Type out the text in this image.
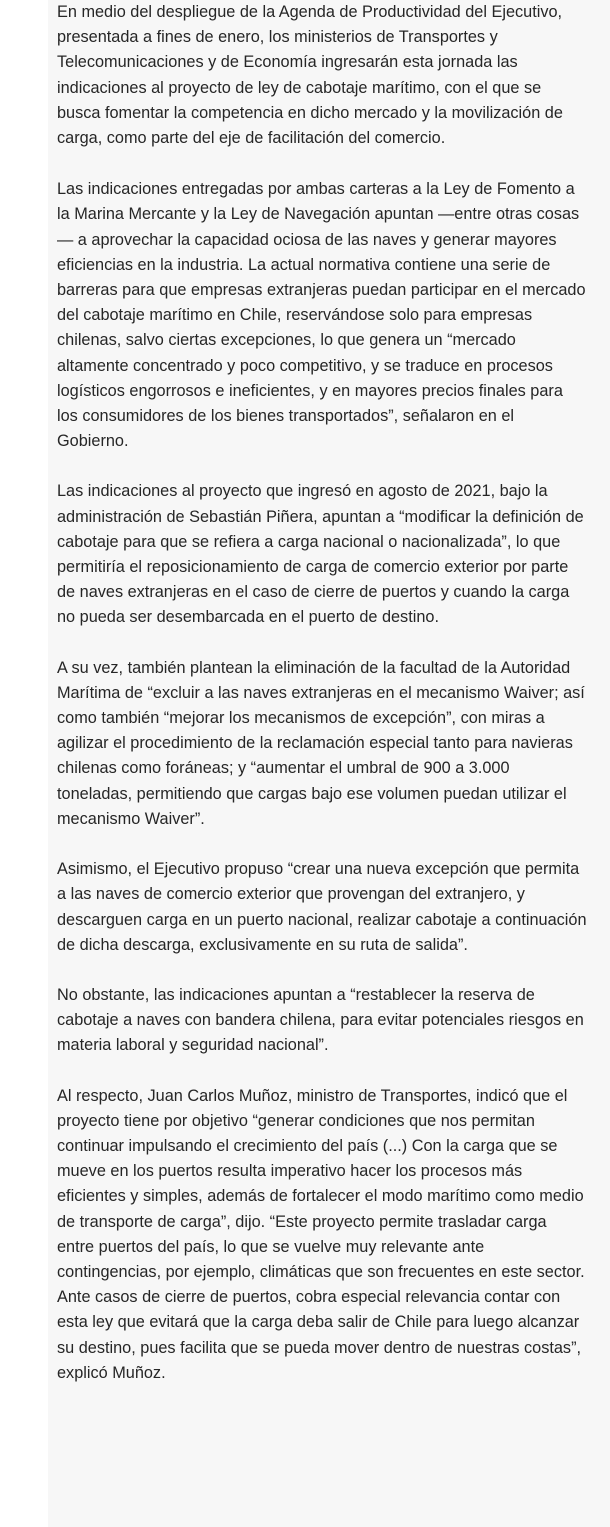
En medio del despliegue de la Agenda de Productividad del Ejecutivo, presentada a fines de enero, los ministerios de Transportes y Telecomunicaciones y de Economía ingresarán esta jornada las indicaciones al proyecto de ley de cabotaje marítimo, con el que se busca fomentar la competencia en dicho mercado y la movilización de carga, como parte del eje de facilitación del comercio.

Las indicaciones entregadas por ambas carteras a la Ley de Fomento a la Marina Mercante y la Ley de Navegación apuntan —entre otras cosas— a aprovechar la capacidad ociosa de las naves y generar mayores eficiencias en la industria. La actual normativa contiene una serie de barreras para que empresas extranjeras puedan participar en el mercado del cabotaje marítimo en Chile, reservándose solo para empresas chilenas, salvo ciertas excepciones, lo que genera un “mercado altamente concentrado y poco competitivo, y se traduce en procesos logísticos engorrosos e ineficientes, y en mayores precios finales para los consumidores de los bienes transportados”, señalaron en el Gobierno.

Las indicaciones al proyecto que ingresó en agosto de 2021, bajo la administración de Sebastián Piñera, apuntan a “modificar la definición de cabotaje para que se refiera a carga nacional o nacionalizada”, lo que permitiría el reposicionamiento de carga de comercio exterior por parte de naves extranjeras en el caso de cierre de puertos y cuando la carga no pueda ser desembarcada en el puerto de destino.

A su vez, también plantean la eliminación de la facultad de la Autoridad Marítima de “excluir a las naves extranjeras en el mecanismo Waiver; así como también “mejorar los mecanismos de excepción”, con miras a agilizar el procedimiento de la reclamación especial tanto para navieras chilenas como foráneas; y “aumentar el umbral de 900 a 3.000 toneladas, permitiendo que cargas bajo ese volumen puedan utilizar el mecanismo Waiver”.

Asimismo, el Ejecutivo propuso “crear una nueva excepción que permita a las naves de comercio exterior que provengan del extranjero, y descarguen carga en un puerto nacional, realizar cabotaje a continuación de dicha descarga, exclusivamente en su ruta de salida”.

No obstante, las indicaciones apuntan a “restablecer la reserva de cabotaje a naves con bandera chilena, para evitar potenciales riesgos en materia laboral y seguridad nacional”.

Al respecto, Juan Carlos Muñoz, ministro de Transportes, indicó que el proyecto tiene por objetivo “generar condiciones que nos permitan continuar impulsando el crecimiento del país (...) Con la carga que se mueve en los puertos resulta imperativo hacer los procesos más eficientes y simples, además de fortalecer el modo marítimo como medio de transporte de carga”, dijo. “Este proyecto permite trasladar carga entre puertos del país, lo que se vuelve muy relevante ante contingencias, por ejemplo, climáticas que son frecuentes en este sector. Ante casos de cierre de puertos, cobra especial relevancia contar con esta ley que evitará que la carga deba salir de Chile para luego alcanzar su destino, pues facilita que se pueda mover dentro de nuestras costas”, explicó Muñoz.
